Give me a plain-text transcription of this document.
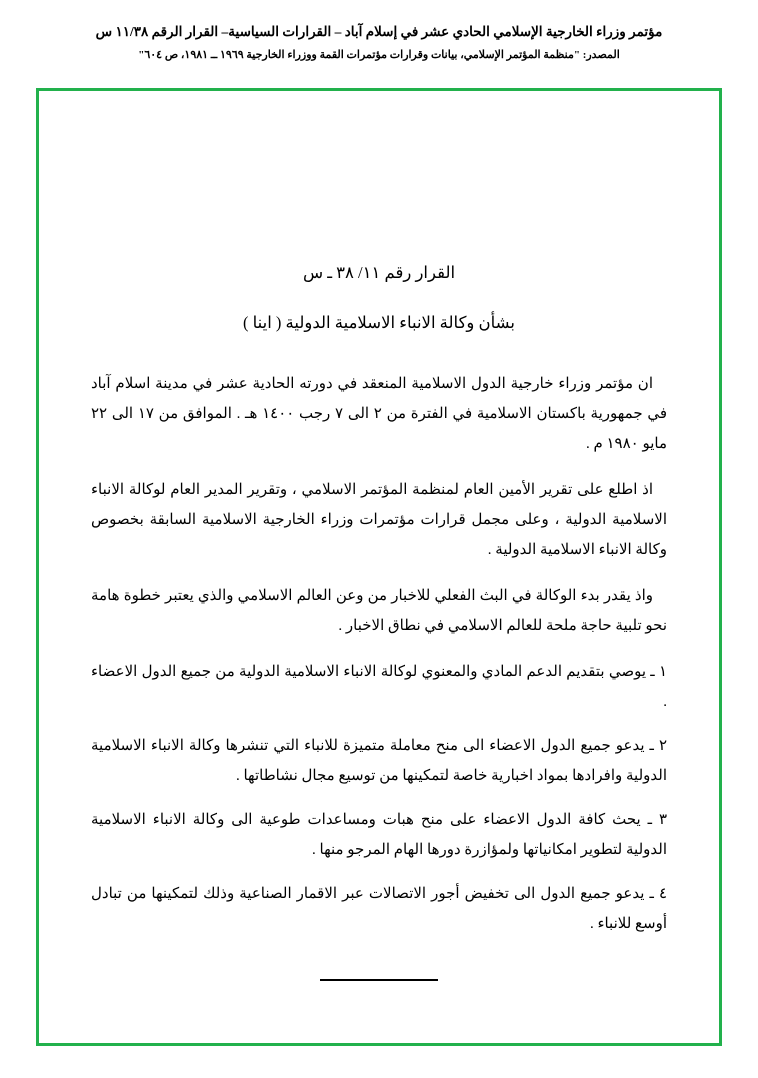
مؤتمر وزراء الخارجية الإسلامي الحادي عشر في إسلام آباد – القرارات السياسية– القرار الرقم ١١/٣٨ س
المصدر: "منظمة المؤتمر الإسلامي، بيانات وقرارات مؤتمرات القمة ووزراء الخارجية ١٩٦٩ ــ ١٩٨١، ص ٦٠٤"
القرار رقم ١١/ ٣٨ ـ س
بشأن وكالة الانباء الاسلامية الدولية ( اينا )
ان مؤتمر وزراء خارجية الدول الاسلامية المنعقد في دورته الحادية عشر في مدينة اسلام آباد في جمهورية باكستان الاسلامية في الفترة من ٢ الى ٧ رجب ١٤٠٠ هـ . الموافق من ١٧ الى ٢٢ مايو ١٩٨٠ م .
اذ اطلع على تقرير الأمين العام لمنظمة المؤتمر الاسلامي ، وتقرير المدير العام لوكالة الانباء الاسلامية الدولية ، وعلى مجمل قرارات مؤتمرات وزراء الخارجية الاسلامية السابقة بخصوص وكالة الانباء الاسلامية الدولية .
واذ يقدر بدء الوكالة في البث الفعلي للاخبار من وعن العالم الاسلامي والذي يعتبر خطوة هامة نحو تلبية حاجة ملحة للعالم الاسلامي في نطاق الاخبار .
١ ـ يوصي بتقديم الدعم المادي والمعنوي لوكالة الانباء الاسلامية الدولية من جميع الدول الاعضاء .
٢ ـ يدعو جميع الدول الاعضاء الى منح معاملة متميزة للانباء التي تنشرها وكالة الانباء الاسلامية الدولية وافرادها بمواد اخبارية خاصة لتمكينها من توسيع مجال نشاطاتها .
٣ ـ يحث كافة الدول الاعضاء على منح هبات ومساعدات طوعية الى وكالة الانباء الاسلامية الدولية لتطوير امكانياتها ولمؤازرة دورها الهام المرجو منها .
٤ ـ يدعو جميع الدول الى تخفيض أجور الاتصالات عبر الاقمار الصناعية وذلك لتمكينها من تبادل أوسع للانباء .
